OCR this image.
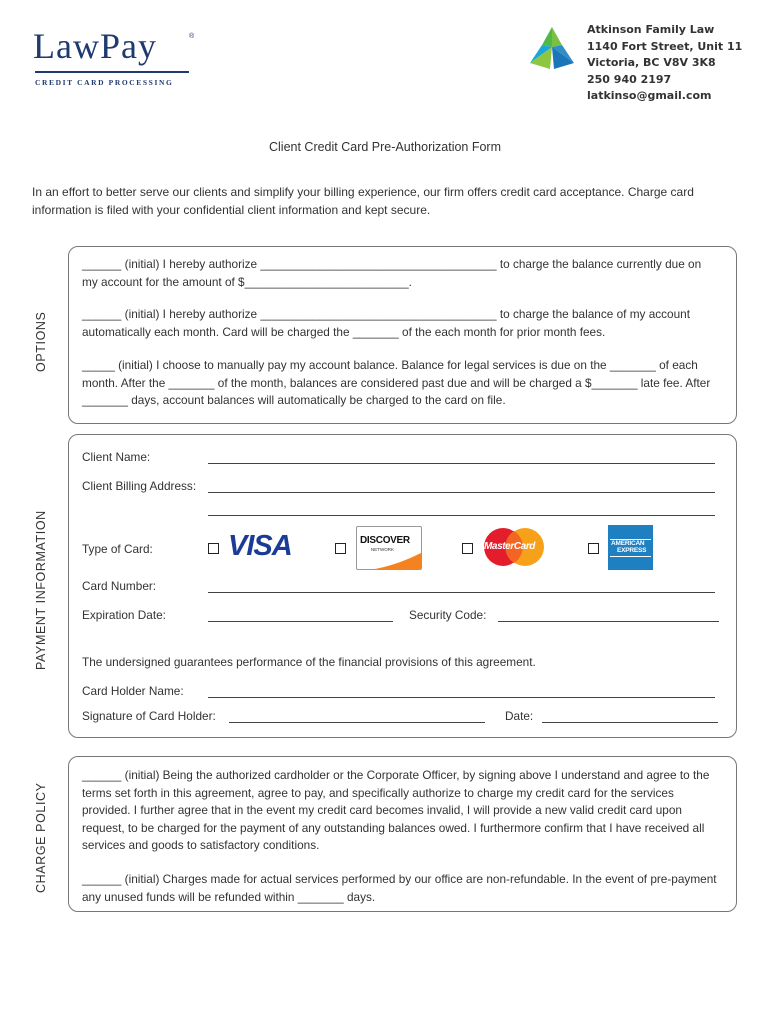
LawPay	®
CREDIT CARD PROCESSING
Atkinson Family Law
1140 Fort Street, Unit 11
Victoria, BC V8V 3K8
250 940 2197
latkinso@gmail.com
Client Credit Card Pre-Authorization Form
In an effort to better serve our clients and simplify your billing experience, our firm offers credit card acceptance. Charge card information is filed with your confidential client information and kept secure.
OPTIONS
______ (initial) I hereby authorize ____________________________________ to charge the balance currently due on my account for the amount of $_________________________.
______ (initial) I hereby authorize ____________________________________ to charge the balance of my account automatically each month. Card will be charged the _______ of the each month for prior month fees.
_____ (initial) I choose to manually pay my account balance. Balance for legal services is due on the _______ of each month. After the _______ of the month, balances are considered past due and will be charged a $_______ late fee. After _______ days, account balances will automatically be charged to the card on file.
PAYMENT INFORMATION
Client Name:
Client Billing Address:
Type of Card:	VISA	DISCOVER
NETWORK	MasterCard	AMERICAN
EXPRESS
Card Number:
Expiration Date:	Security Code:
The undersigned guarantees performance of the financial provisions of this agreement.
Card Holder Name:
Signature of Card Holder:	Date:
CHARGE POLICY
______ (initial) Being the authorized cardholder or the Corporate Officer, by signing above I understand and agree to the terms set forth in this agreement, agree to pay, and specifically authorize to charge my credit card for the services provided. I further agree that in the event my credit card becomes invalid, I will provide a new valid credit card upon request, to be charged for the payment of any outstanding balances owed. I furthermore confirm that I have received all services and goods to satisfactory conditions.
______ (initial) Charges made for actual services performed by our office are non-refundable. In the event of pre-payment any unused funds will be refunded within _______ days.
